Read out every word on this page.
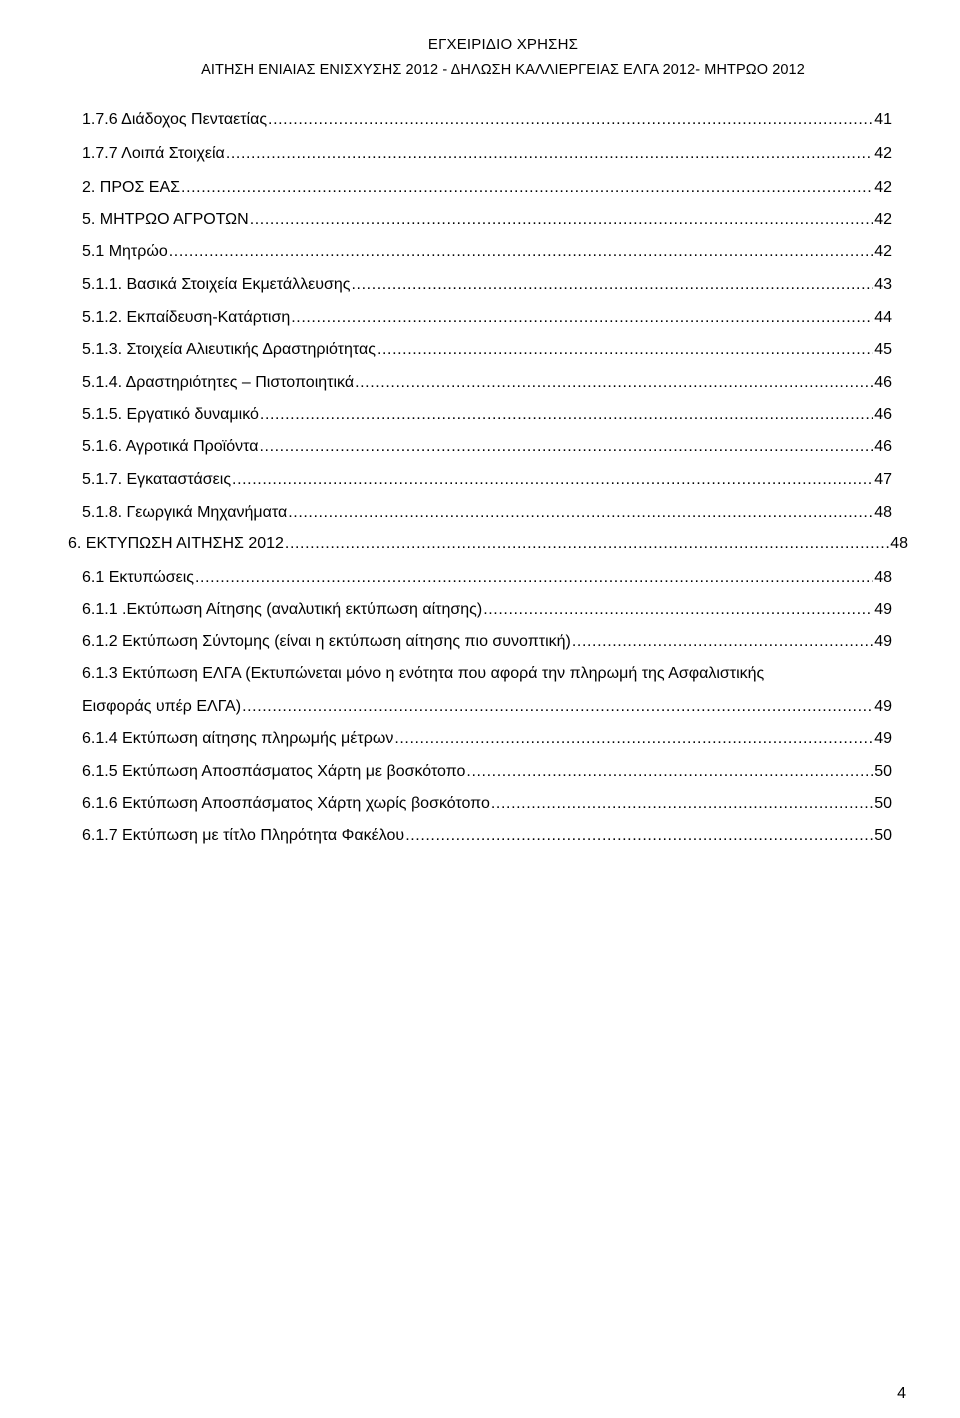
ΕΓΧΕΙΡΙΔΙΟ ΧΡΗΣΗΣ
ΑΙΤΗΣΗ ΕΝΙΑΙΑΣ ΕΝΙΣΧΥΣΗΣ 2012 - ΔΗΛΩΣΗ ΚΑΛΛΙΕΡΓΕΙΑΣ ΕΛΓΑ 2012- ΜΗΤΡΩΟ 2012
1.7.6 Διάδοχος Πενταετίας .....	41
1.7.7 Λοιπά Στοιχεία .....	42
2. ΠΡΟΣ ΕΑΣ .....	42
5. ΜΗΤΡΩΟ ΑΓΡΟΤΩΝ .....	42
5.1 Μητρώο .....	42
5.1.1. Βασικά Στοιχεία Εκμετάλλευσης .....	43
5.1.2. Εκπαίδευση-Κατάρτιση .....	44
5.1.3. Στοιχεία Αλιευτικής Δραστηριότητας .....	45
5.1.4. Δραστηριότητες – Πιστοποιητικά .....	46
5.1.5. Εργατικό δυναμικό .....	46
5.1.6. Αγροτικά Προϊόντα .....	46
5.1.7. Εγκαταστάσεις .....	47
5.1.8. Γεωργικά Μηχανήματα .....	48
6. ΕΚΤΥΠΩΣΗ ΑΙΤΗΣΗΣ 2012 .....	48
6.1 Εκτυπώσεις .....	48
6.1.1 .Εκτύπωση Αίτησης (αναλυτική εκτύπωση αίτησης) .....	49
6.1.2 Εκτύπωση Σύντομης (είναι η εκτύπωση αίτησης πιο συνοπτική) .....	49
6.1.3 Εκτύπωση ΕΛΓΑ (Εκτυπώνεται μόνο η ενότητα που αφορά την πληρωμή της Ασφαλιστικής
Εισφοράς υπέρ ΕΛΓΑ) .....	49
6.1.4 Εκτύπωση αίτησης πληρωμής μέτρων .....	49
6.1.5 Εκτύπωση Αποσπάσματος Χάρτη με βοσκότοπο .....	50
6.1.6 Εκτύπωση Αποσπάσματος Χάρτη χωρίς βοσκότοπο .....	50
6.1.7 Εκτύπωση με τίτλο Πληρότητα Φακέλου .....	50
4
